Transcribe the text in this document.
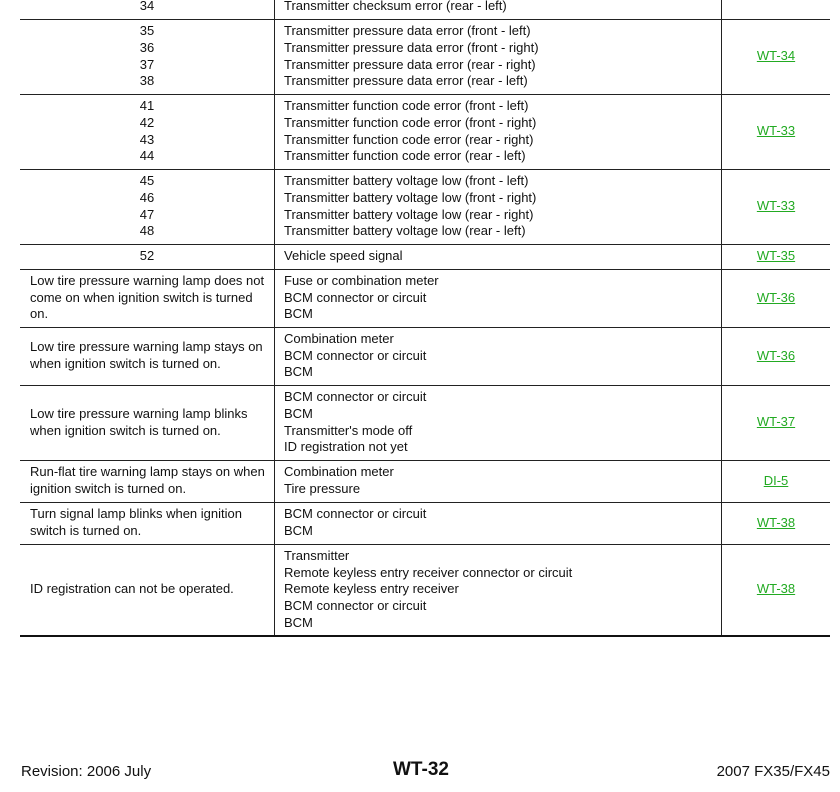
34	Transmitter checksum error (rear - left)	

35
36
37
38	Transmitter pressure data error (front - left)
Transmitter pressure data error (front - right)
Transmitter pressure data error (rear - right)
Transmitter pressure data error (rear - left)	WT-34

41
42
43
44	Transmitter function code error (front - left)
Transmitter function code error (front - right)
Transmitter function code error (rear - right)
Transmitter function code error (rear - left)	WT-33

45
46
47
48	Transmitter battery voltage low (front - left)
Transmitter battery voltage low (front - right)
Transmitter battery voltage low (rear - right)
Transmitter battery voltage low (rear - left)	WT-33

52	Vehicle speed signal	WT-35

Low tire pressure warning lamp does not come on when ignition switch is turned on.	Fuse or combination meter
BCM connector or circuit
BCM	WT-36

Low tire pressure warning lamp stays on when ignition switch is turned on.	Combination meter
BCM connector or circuit
BCM	WT-36

Low tire pressure warning lamp blinks when ignition switch is turned on.	BCM connector or circuit
BCM
Transmitter's mode off
ID registration not yet	WT-37

Run-flat tire warning lamp stays on when ignition switch is turned on.	Combination meter
Tire pressure	DI-5

Turn signal lamp blinks when ignition switch is turned on.	BCM connector or circuit
BCM	WT-38

ID registration can not be operated.	Transmitter
Remote keyless entry receiver connector or circuit
Remote keyless entry receiver
BCM connector or circuit
BCM	WT-38
Revision: 2006 July	WT-32	2007 FX35/FX45
